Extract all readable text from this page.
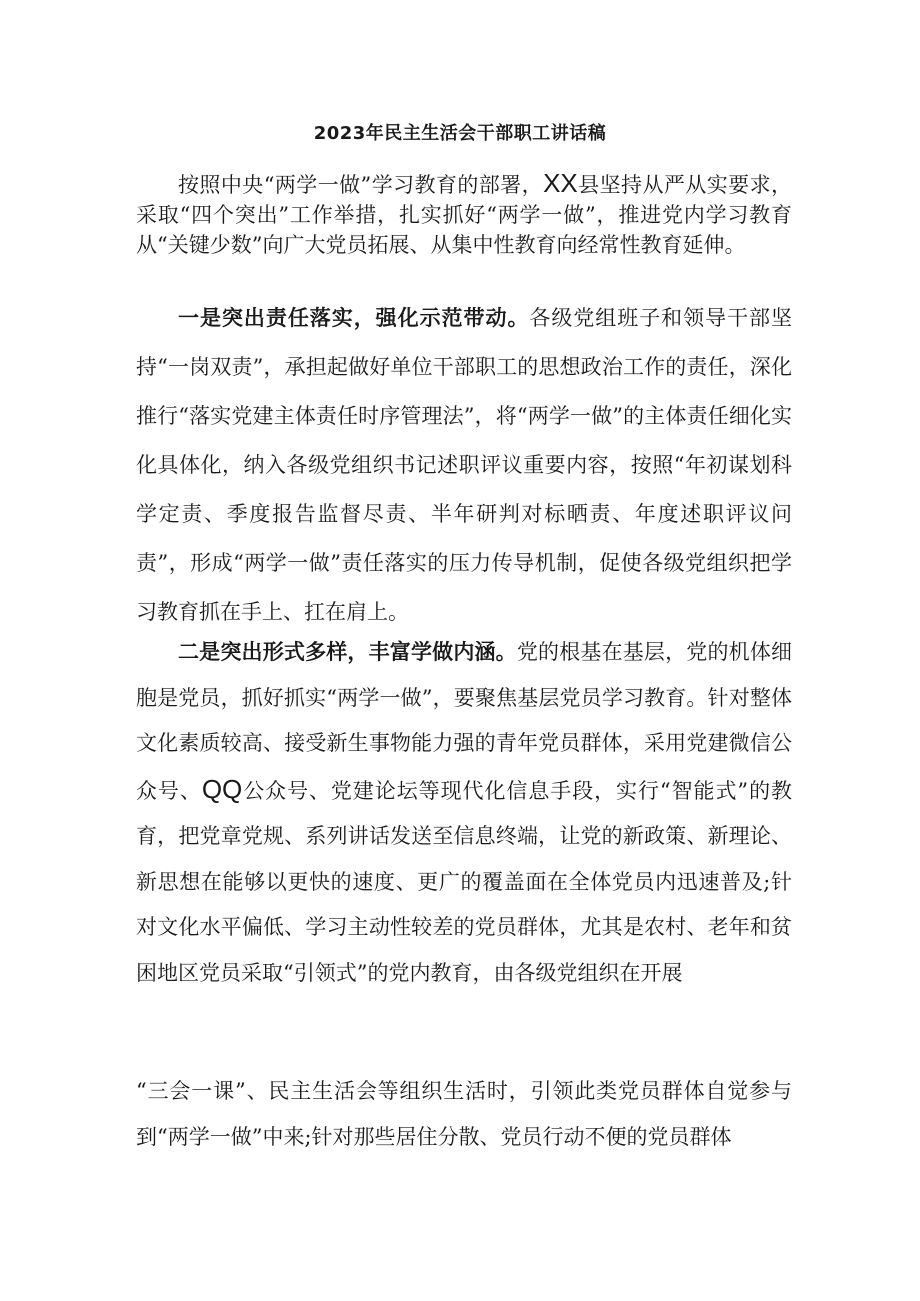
2023年民主生活会干部职工讲话稿

按照中央“两学一做”学习教育的部署，XX县坚持从严从实要求，采取“四个突出”工作举措，扎实抓好“两学一做”，推进党内学习教育从“关键少数”向广大党员拓展、从集中性教育向经常性教育延伸。

一是突出责任落实，强化示范带动。各级党组班子和领导干部坚持“一岗双责”，承担起做好单位干部职工的思想政治工作的责任，深化推行“落实党建主体责任时序管理法”，将“两学一做”的主体责任细化实化具体化，纳入各级党组织书记述职评议重要内容，按照“年初谋划科学定责、季度报告监督尽责、半年研判对标晒责、年度述职评议问责”，形成“两学一做”责任落实的压力传导机制，促使各级党组织把学习教育抓在手上、扛在肩上。

二是突出形式多样，丰富学做内涵。党的根基在基层，党的机体细胞是党员，抓好抓实“两学一做”，要聚焦基层党员学习教育。针对整体文化素质较高、接受新生事物能力强的青年党员群体，采用党建微信公众号、QQ公众号、党建论坛等现代化信息手段，实行“智能式”的教育，把党章党规、系列讲话发送至信息终端，让党的新政策、新理论、新思想在能够以更快的速度、更广的覆盖面在全体党员内迅速普及;针对文化水平偏低、学习主动性较差的党员群体，尤其是农村、老年和贫困地区党员采取“引领式”的党内教育，由各级党组织在开展

“三会一课”、民主生活会等组织生活时，引领此类党员群体自觉参与到“两学一做”中来;针对那些居住分散、党员行动不便的党员群体
